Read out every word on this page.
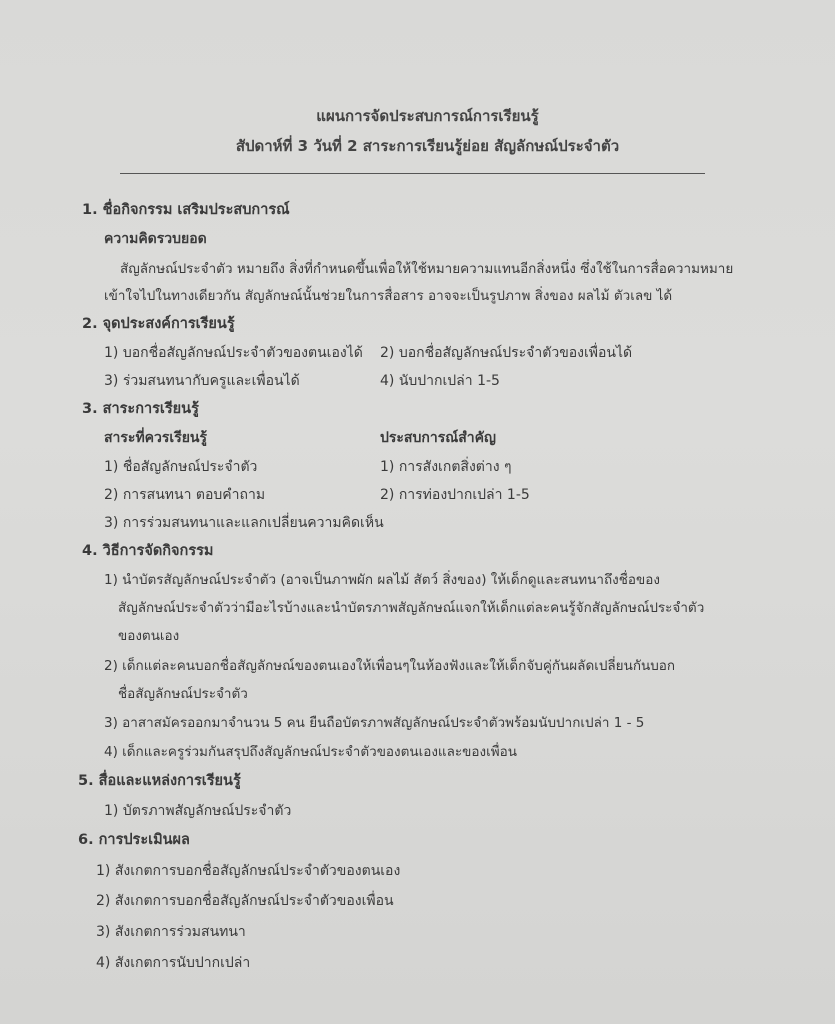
แผนการจัดประสบการณ์การเรียนรู้
สัปดาห์ที่ 3 วันที่ 2 สาระการเรียนรู้ย่อย สัญลักษณ์ประจำตัว
1. ชื่อกิจกรรม เสริมประสบการณ์
ความคิดรวบยอด
สัญลักษณ์ประจำตัว หมายถึง สิ่งที่กำหนดขึ้นเพื่อให้ใช้หมายความแทนอีกสิ่งหนึ่ง ซึ่งใช้ในการสื่อความหมาย
เข้าใจไปในทางเดียวกัน สัญลักษณ์นั้นช่วยในการสื่อสาร อาจจะเป็นรูปภาพ สิ่งของ ผลไม้ ตัวเลข ได้
2. จุดประสงค์การเรียนรู้
1) บอกชื่อสัญลักษณ์ประจำตัวของตนเองได้ 2) บอกชื่อสัญลักษณ์ประจำตัวของเพื่อนได้
3) ร่วมสนทนากับครูและเพื่อนได้	4) นับปากเปล่า 1-5
3. สาระการเรียนรู้
สาระที่ควรเรียนรู้	ประสบการณ์สำคัญ
1) ชื่อสัญลักษณ์ประจำตัว	1) การสังเกตสิ่งต่าง ๆ
2) การสนทนา ตอบคำถาม	2) การท่องปากเปล่า 1-5
3) การร่วมสนทนาและแลกเปลี่ยนความคิดเห็น
4. วิธีการจัดกิจกรรม
1) นำบัตรสัญลักษณ์ประจำตัว (อาจเป็นภาพผัก ผลไม้ สัตว์ สิ่งของ) ให้เด็กดูและสนทนาถึงชื่อของ
สัญลักษณ์ประจำตัวว่ามีอะไรบ้างและนำบัตรภาพสัญลักษณ์แจกให้เด็กแต่ละคนรู้จักสัญลักษณ์ประจำตัว
ของตนเอง
2) เด็กแต่ละคนบอกชื่อสัญลักษณ์ของตนเองให้เพื่อนๆในห้องฟังและให้เด็กจับคู่กันผลัดเปลี่ยนกันบอก
ชื่อสัญลักษณ์ประจำตัว
3) อาสาสมัครออกมาจำนวน 5 คน ยืนถือบัตรภาพสัญลักษณ์ประจำตัวพร้อมนับปากเปล่า 1 - 5
4) เด็กและครูร่วมกันสรุปถึงสัญลักษณ์ประจำตัวของตนเองและของเพื่อน
5. สื่อและแหล่งการเรียนรู้
1) บัตรภาพสัญลักษณ์ประจำตัว
6. การประเมินผล
1) สังเกตการบอกชื่อสัญลักษณ์ประจำตัวของตนเอง
2) สังเกตการบอกชื่อสัญลักษณ์ประจำตัวของเพื่อน
3) สังเกตการร่วมสนทนา
4) สังเกตการนับปากเปล่า
